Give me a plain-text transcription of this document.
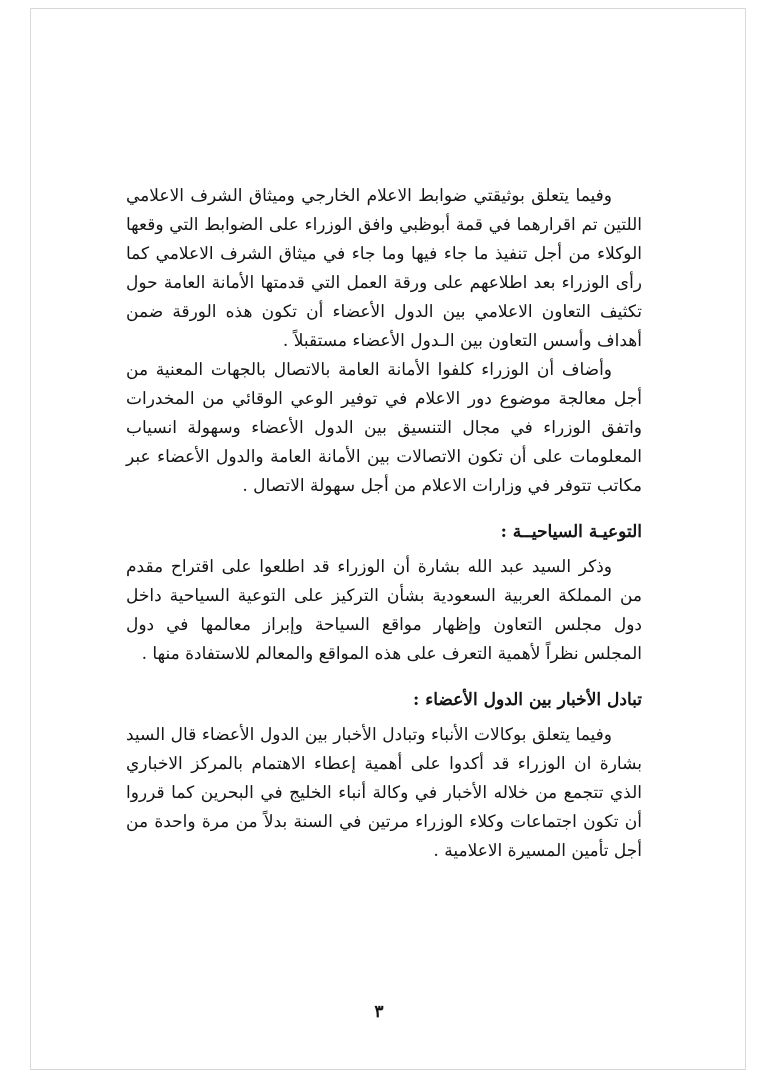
وفيما يتعلق بوثيقتي ضوابط الاعلام الخارجي وميثاق الشرف الاعلامي اللتين تم اقرارهما في قمة أبوظبي وافق الوزراء على الضوابط التي وقعها الوكلاء من أجل تنفيذ ما جاء فيها وما جاء في ميثاق الشرف الاعلامي كما رأى الوزراء بعد اطلاعهم على ورقة العمل التي قدمتها الأمانة العامة حول تكثيف التعاون الاعلامي بين الدول الأعضاء أن تكون هذه الورقة ضمن أهداف وأسس التعاون بين الـدول الأعضاء مستقبلاً .

وأضاف أن الوزراء كلفوا الأمانة العامة بالاتصال بالجهات المعنية من أجل معالجة موضوع دور الاعلام في توفير الوعي الوقائي من المخدرات واتفق الوزراء في مجال التنسيق بين الدول الأعضاء وسهولة انسياب المعلومات على أن تكون الاتصالات بين الأمانة العامة والدول الأعضاء عبر مكاتب تتوفر في وزارات الاعلام من أجل سهولة الاتصال .

التوعيـة السياحيــة :

وذكر السيد عبد الله بشارة أن الوزراء قد اطلعوا على اقتراح مقدم من المملكة العربية السعودية بشأن التركيز على التوعية السياحية داخل دول مجلس التعاون وإظهار مواقع السياحة وإبراز معالمها في دول المجلس نظراً لأهمية التعرف على هذه المواقع والمعالم للاستفادة منها .

تبادل الأخبار بين الدول الأعضاء :

وفيما يتعلق بوكالات الأنباء وتبادل الأخبار بين الدول الأعضاء قال السيد بشارة ان الوزراء قد أكدوا على أهمية إعطاء الاهتمام بالمركز الاخباري الذي تتجمع من خلاله الأخبار في وكالة أنباء الخليج في البحرين كما قرروا أن تكون اجتماعات وكلاء الوزراء مرتين في السنة بدلاً من مرة واحدة من أجل تأمين المسيرة الاعلامية .

٣
